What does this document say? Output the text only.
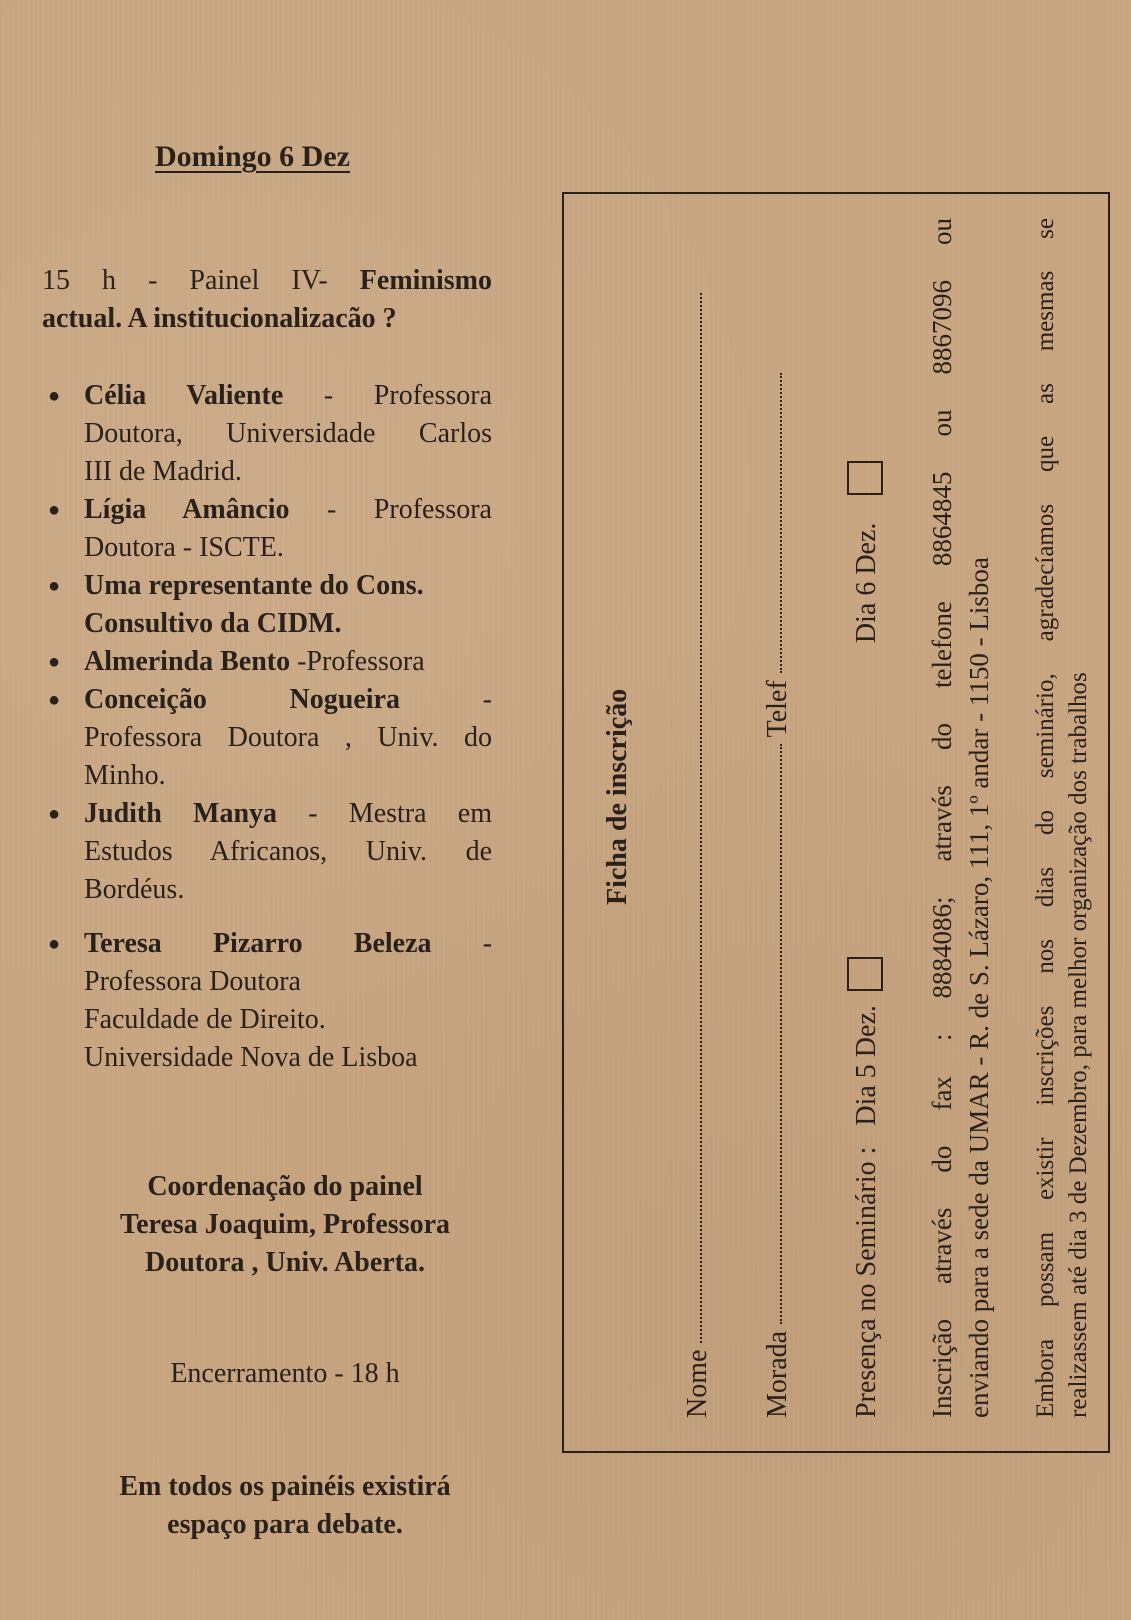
Domingo 6 Dez
15 h - Painel IV- Feminismo
actual. A institucionalizacão ?
● Célia Valiente - Professora
Doutora, Universidade Carlos
III de Madrid.
● Lígia Amâncio - Professora
Doutora - ISCTE.
● Uma representante do Cons.
Consultivo da CIDM.
● Almerinda Bento -Professora
● Conceição Nogueira	-
Professora Doutora , Univ. do
Minho.
● Judith Manya - Mestra em
Estudos Africanos, Univ. de
Bordéus.
● Teresa Pizarro Beleza -
Professora Doutora
Faculdade de Direito.
Universidade Nova de Lisboa
Coordenação do painel
Teresa Joaquim, Professora
Doutora , Univ. Aberta.
Encerramento - 18 h
Em todos os painéis existirá
espaço para debate.
Ficha de inscrição
Nome Morada  Telef
Presença no Seminário :   Dia 5 Dez.    Dia 6 Dez. Inscrição através do fax : 8884086; através do telefone 8864845 ou 8867096 ou enviando para a sede da UMAR - R. de S. Lázaro, 111, 1º andar - 1150 - Lisboa Embora possam existir inscrições nos dias do seminário, agradecíamos que as mesmas se realizassem até dia 3 de Dezembro, para melhor organização dos trabalhos
